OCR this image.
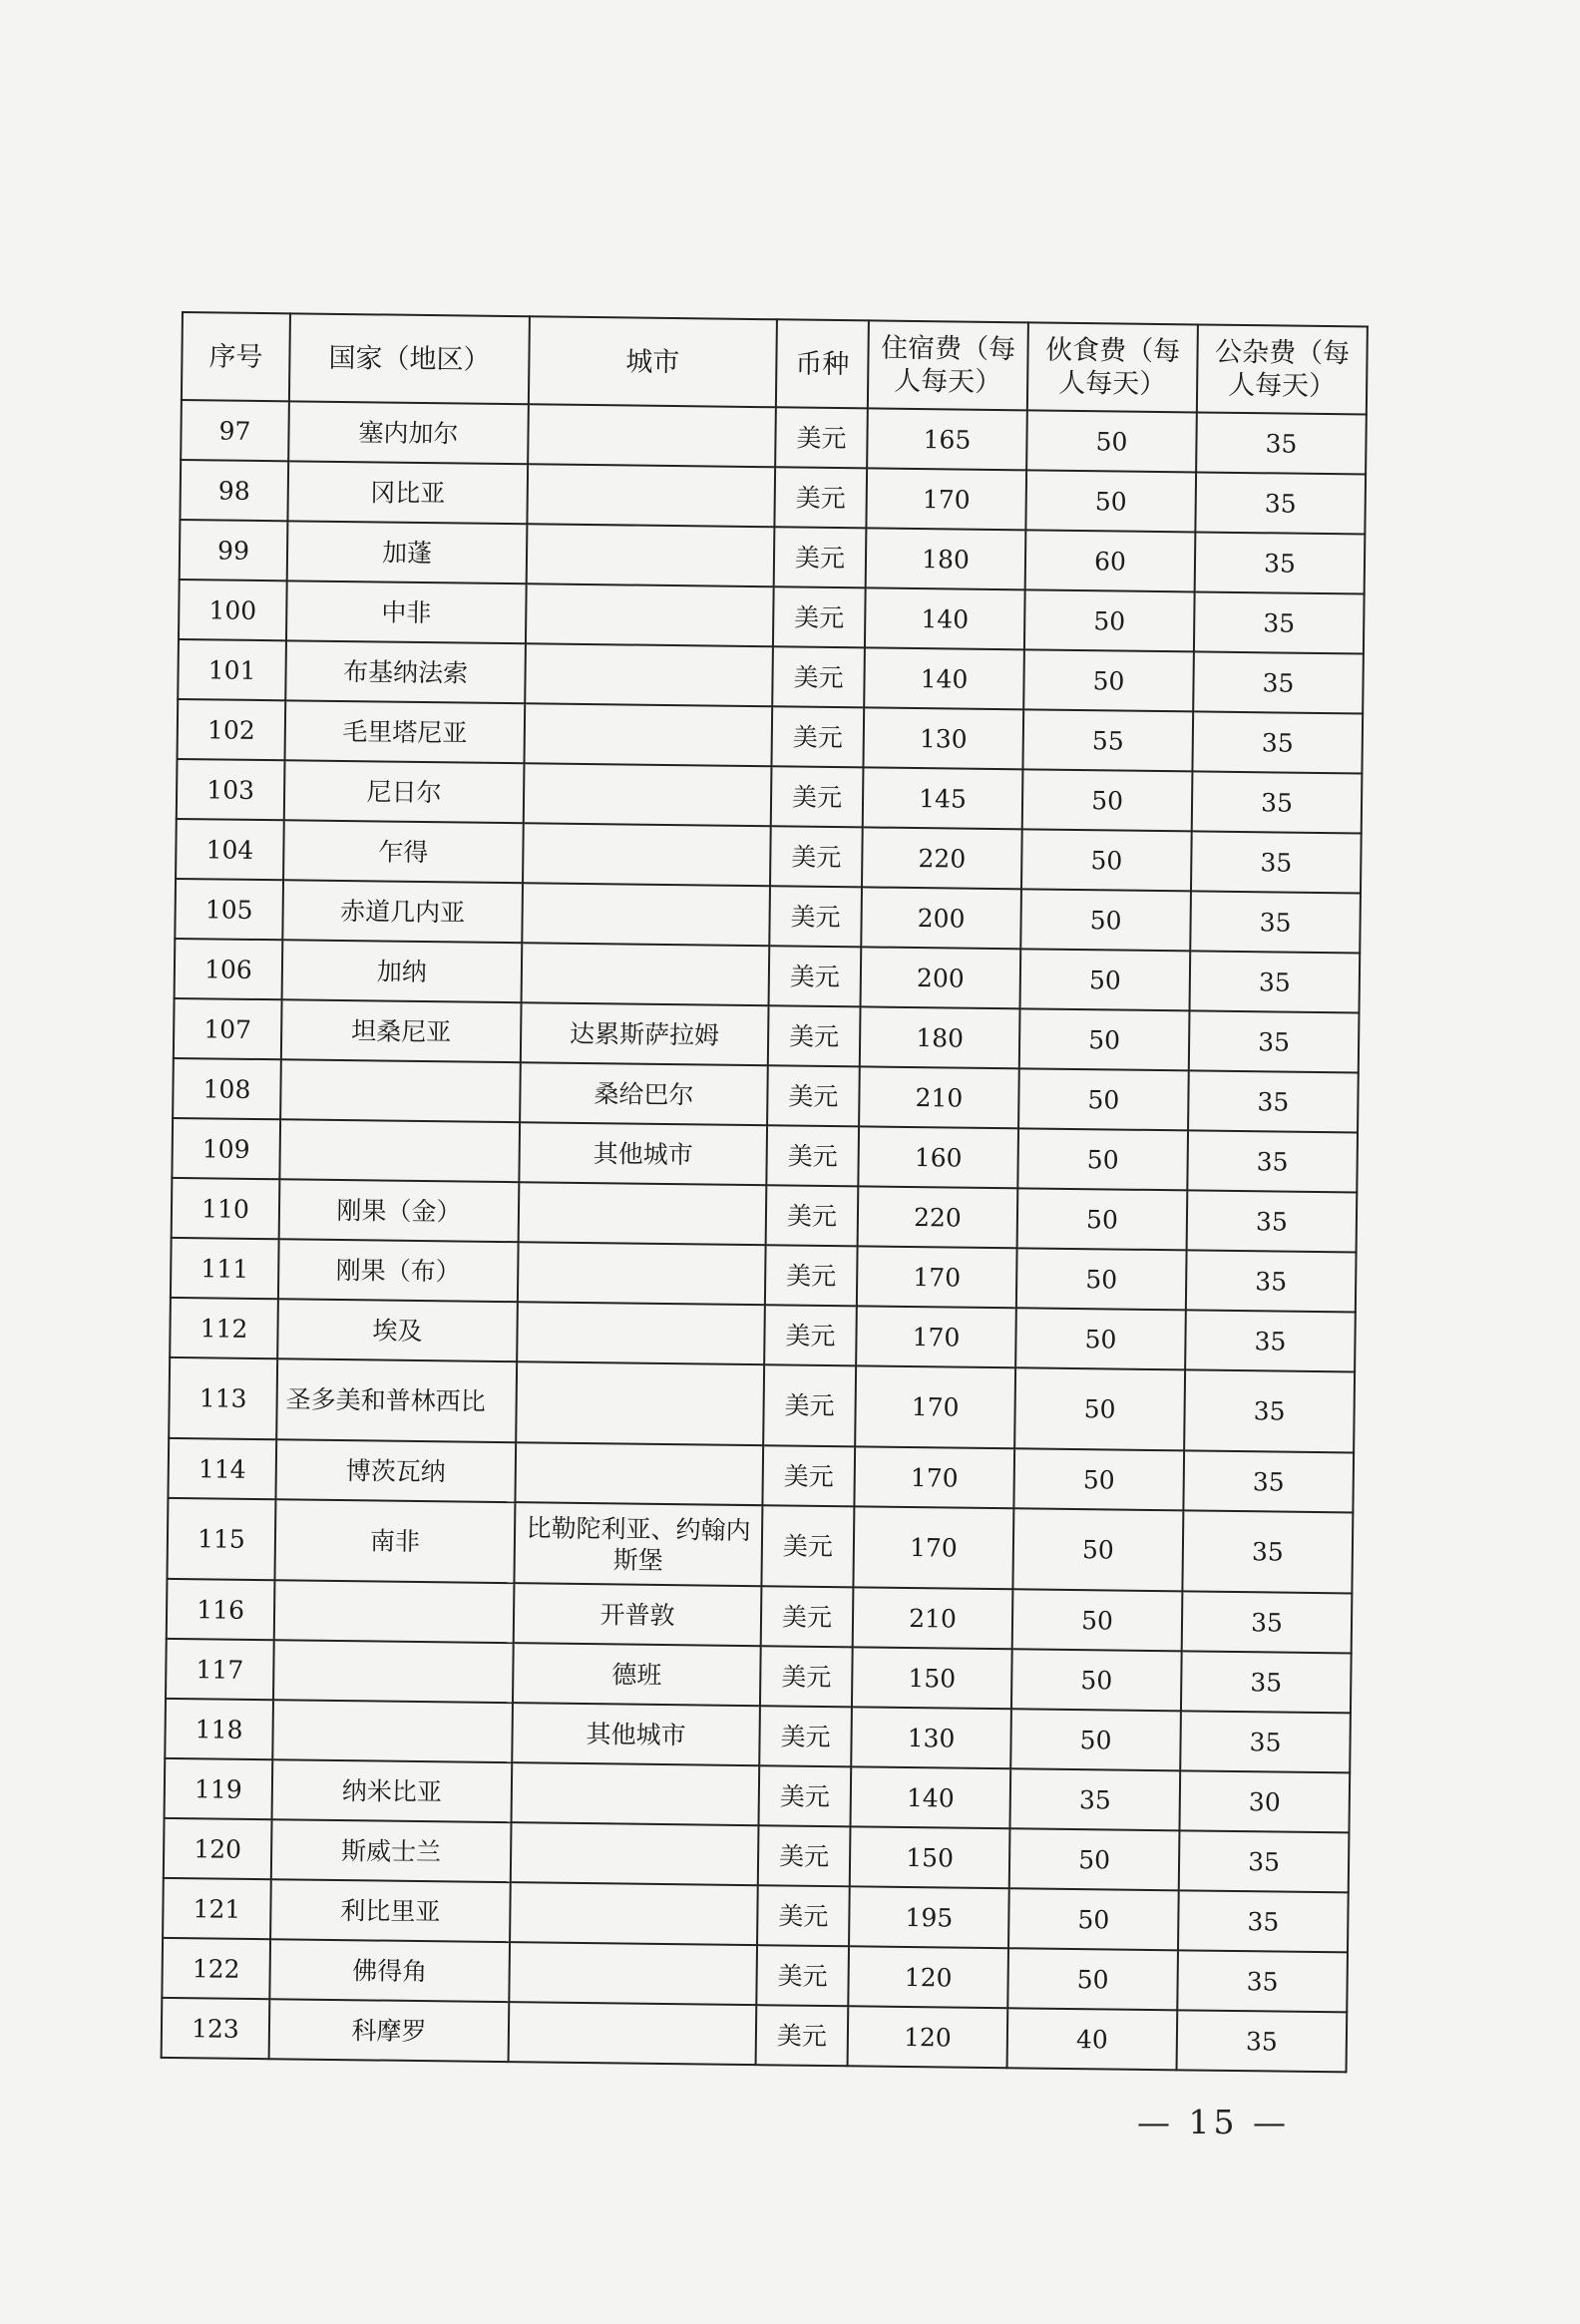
序号	国家（地区）	城市	币种	住宿费（每人每天）	伙食费（每人每天）	公杂费（每人每天）
97	塞内加尔		美元	165	50	35
98	冈比亚		美元	170	50	35
99	加蓬		美元	180	60	35
100	中非		美元	140	50	35
101	布基纳法索		美元	140	50	35
102	毛里塔尼亚		美元	130	55	35
103	尼日尔		美元	145	50	35
104	乍得		美元	220	50	35
105	赤道几内亚		美元	200	50	35
106	加纳		美元	200	50	35
107	坦桑尼亚	达累斯萨拉姆	美元	180	50	35
108		桑给巴尔	美元	210	50	35
109		其他城市	美元	160	50	35
110	刚果（金）		美元	220	50	35
111	刚果（布）		美元	170	50	35
112	埃及		美元	170	50	35
113	圣多美和普林西比		美元	170	50	35
114	博茨瓦纳		美元	170	50	35
115	南非	比勒陀利亚、约翰内斯堡	美元	170	50	35
116		开普敦	美元	210	50	35
117		德班	美元	150	50	35
118		其他城市	美元	130	50	35
119	纳米比亚		美元	140	35	30
120	斯威士兰		美元	150	50	35
121	利比里亚		美元	195	50	35
122	佛得角		美元	120	50	35
123	科摩罗		美元	120	40	35
— 15 —
